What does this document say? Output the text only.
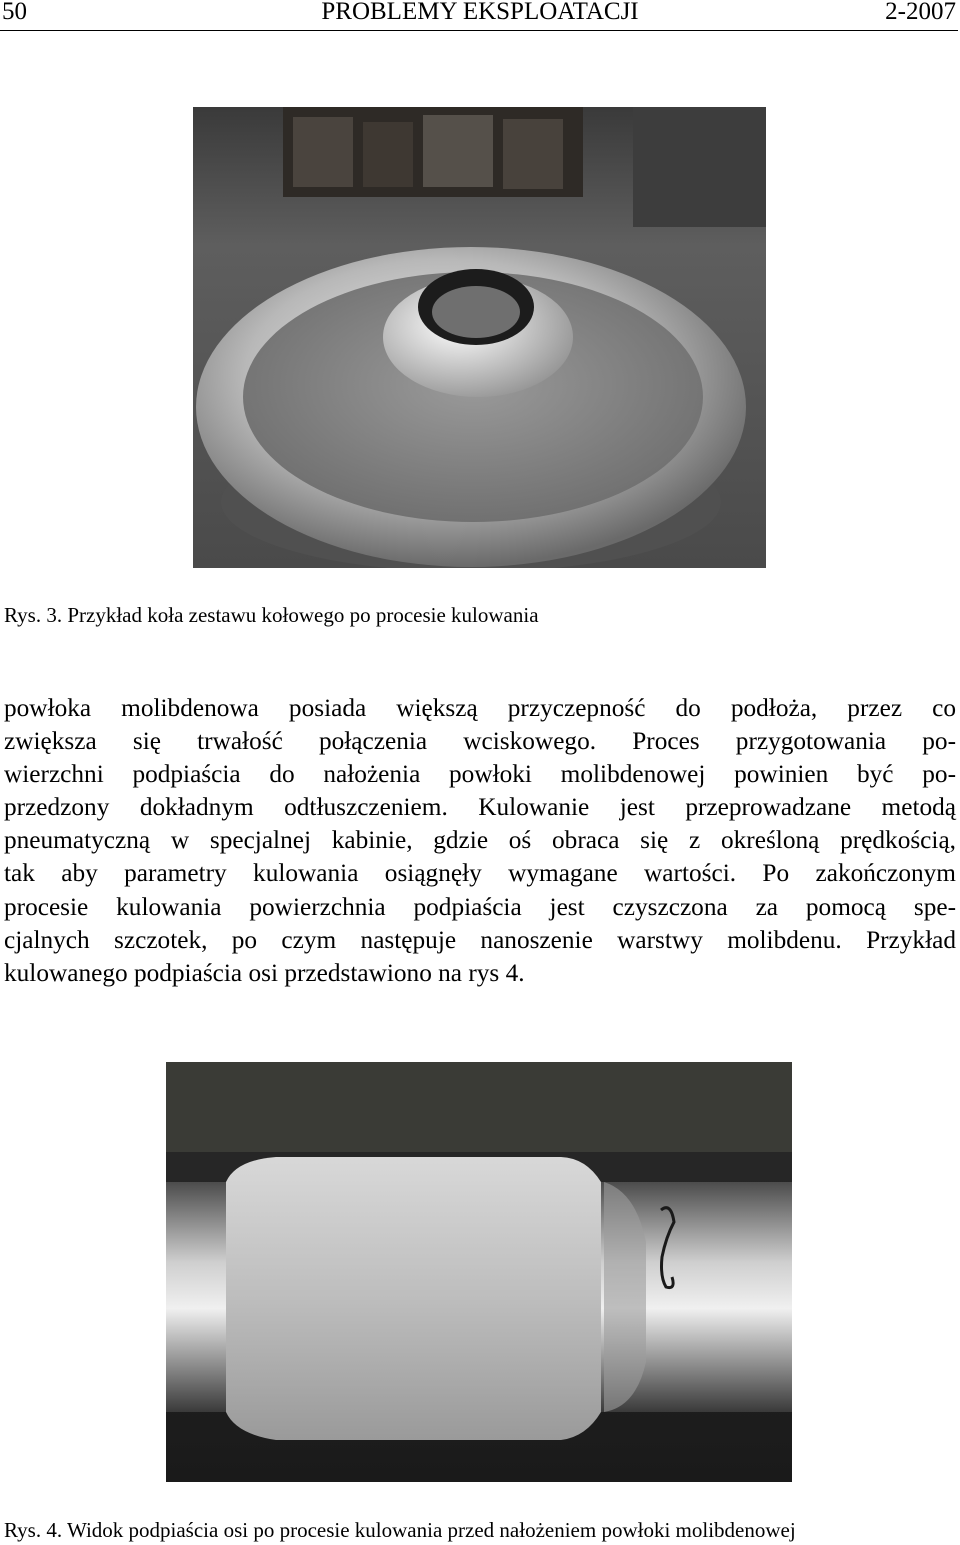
50	PROBLEMY EKSPLOATACJI	2-2007
Rys. 3. Przykład koła zestawu kołowego po procesie kulowania
powłoka molibdenowa posiada większą przyczepność do podłoża, przez co
zwiększa się trwałość połączenia wciskowego. Proces przygotowania po-
wierzchni podpiaścia do nałożenia powłoki molibdenowej powinien być po-
przedzony dokładnym odtłuszczeniem. Kulowanie jest przeprowadzane metodą
pneumatyczną w specjalnej kabinie, gdzie oś obraca się z określoną prędkością,
tak aby parametry kulowania osiągnęły wymagane wartości. Po zakończonym
procesie kulowania powierzchnia podpiaścia jest czyszczona za pomocą spe-
cjalnych szczotek, po czym następuje nanoszenie warstwy molibdenu. Przykład
kulowanego podpiaścia osi przedstawiono na rys 4.
Rys. 4. Widok podpiaścia osi po procesie kulowania przed nałożeniem powłoki molibdenowej
